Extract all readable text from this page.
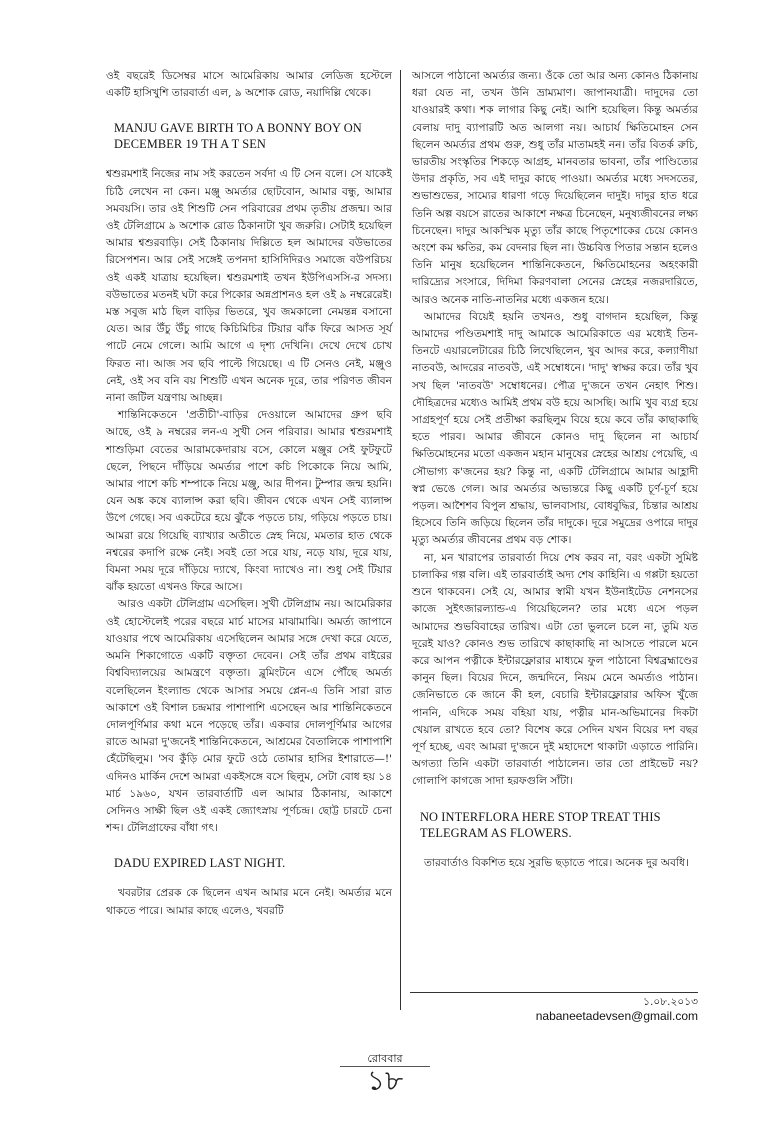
ওই বছরেই ডিসেম্বর মাসে আমেরিকায় আমার লেডিজ হস্টেলে একটি হাসিখুশি তারবার্তা এল, ৯ অশোক রোড, নয়াদিল্লি থেকে।

MANJU GAVE BIRTH TO A BONNY BOY ON DECEMBER 19 TH A T SEN

শ্বশুরমশাই নিজের নাম সই করতেন সর্বদা এ টি সেন বলে। সে যাকেই চিঠি লেখেন না কেন। মঞ্জু অমর্ত্যর ছোটবোন, আমার বন্ধু, আমার সমবয়সি। তার ওই শিশুটি সেন পরিবারের প্রথম তৃতীয় প্রজন্ম। আর ওই টেলিগ্রামে ৯ অশোক রোড ঠিকানাটা খুব জরুরি। সেটাই হয়েছিল আমার শ্বশুরবাড়ি। সেই ঠিকানায় দিল্লিতে হল আমাদের বউভাতের রিসেপশন। আর সেই সঙ্গেই তপনদা হাসিদিদিরও সমাজে বউপরিচয় ওই একই যাত্রায় হয়েছিল। শ্বশুরমশাই তখন ইউপিএসসি-র সদস্য। বউভাতের মতনই ঘটা করে পিকোর অন্নপ্রাশনও হল ওই ৯ নম্বরেরেই। মস্ত সবুজ মাঠ ছিল বাড়ির ভিতরে, খুব জমকালো নেমন্তন্ন বসানো যেত। আর উঁচু উঁচু গাছে কিচিমিচির টিয়ার ঝাঁক ফিরে আসত সূর্য পাটে নেমে গেলে। আমি আগে এ দৃশ্য দেখিনি। দেখে দেখে চোখ ফিরত না। আজ সব ছবি পাল্টে গিয়েছে। এ টি সেনও নেই, মঞ্জুও নেই, ওই সব বনি বয় শিশুটি এখন অনেক দূরে, তার পরিণত জীবন নানা জটিল যন্ত্রণায় আচ্ছন্ন।

শান্তিনিকেতনে 'প্রতীচী'-বাড়ির দেওয়ালে আমাদের গ্রুপ ছবি আছে, ওই ৯ নম্বরের লন-এ সুখী সেন পরিবার। আমার শ্বশুরমশাই শাশুড়িমা বেতের আরামকেদারায় বসে, কোলে মঞ্জুর সেই ফুটফুটে ছেলে, পিছনে দাঁড়িয়ে অমর্ত্যর পাশে কচি পিকোকে নিয়ে আমি, আমার পাশে কচি শম্পাকে নিয়ে মঞ্জু, আর দীপন। টুম্পার জন্ম হয়নি। যেন অঙ্ক কষে ব্যালান্স করা ছবি। জীবন থেকে এখন সেই ব্যালান্স উপে গেছে। সব একটেরে হয়ে ঝুঁকে পড়তে চায়, গড়িয়ে পড়তে চায়। আমরা রয়ে গিয়েছি ব্যাখ্যার অতীতে স্নেহ নিয়ে, মমতার হাত থেকে নশ্বরের কদাপি রক্ষে নেই। সবই তো সরে যায়, নড়ে যায়, দূরে যায়, বিমনা সময় দূরে দাঁড়িয়ে দ্যাখে, কিংবা দ্যাখেও না। শুধু সেই টিয়ার ঝাঁক হয়তো এখনও ফিরে আসে।

আরও একটা টেলিগ্রাম এসেছিল। সুখী টেলিগ্রাম নয়। আমেরিকার ওই হোস্টেলেই পরের বছরে মার্চ মাসের মাঝামাঝি। অমর্ত্য জাপানে যাওয়ার পথে আমেরিকায় এসেছিলেন আমার সঙ্গে দেখা করে যেতে, অমনি শিকাগোতে একটি বক্তৃতা দেবেন। সেই তাঁর প্রথম বাইরের বিশ্ববিদ্যালয়ের আমন্ত্রণে বক্তৃতা। ব্লুমিংটনে এসে পৌঁছে অমর্ত্য বলেছিলেন ইংল্যান্ড থেকে আসার সময়ে প্লেন-এ তিনি সারা রাত আকাশে ওই বিশাল চন্দ্রমার পাশাপাশি এসেছেন আর শান্তিনিকেতনে দোলপূর্ণিমার কথা মনে পড়েছে তাঁর। একবার দোলপূর্ণিমার আগের রাতে আমরা দু'জনেই শান্তিনিকেতনে, আশ্রমের বৈতালিকে পাশাপাশি হেঁটেছিলুম। 'সব কুঁড়ি মোর ফুটে ওঠে তোমার হাসির ইশারাতে—!' এদিনও মার্কিন দেশে আমরা একইসঙ্গে বসে ছিলুম, সেটা বোধ হয় ১৪ মার্চ ১৯৬০, যখন তারবার্তাটি এল আমার ঠিকানায়, আকাশে সেদিনও সাক্ষী ছিল ওই একই জ্যোৎস্নায় পূর্ণচন্দ্র। ছোট্ট চারটে চেনা শব্দ। টেলিগ্রাফের বাঁধা গৎ।

DADU EXPIRED LAST NIGHT.

খবরটার প্রেরক কে ছিলেন এখন আমার মনে নেই। অমর্ত্যর মনে থাকতে পারে। আমার কাছে এলেও, খবরটি

আসলে পাঠানো অমর্ত্যর জন্য। ওঁকে তো আর অন্য কোনও ঠিকানায় ধরা যেত না, তখন উনি ভ্রাম্যমাণ। জাপানযাত্রী। দাদুদের তো যাওয়ারই কথা। শক লাগার কিছু নেই। আশি হয়েছিল। কিন্তু অমর্ত্যর বেলায় দাদু ব্যাপারটি অত আলগা নয়। আচার্য ক্ষিতিমোহন সেন ছিলেন অমর্ত্যর প্রথম গুরু, শুধু তাঁর মাতামহই নন। তাঁর বিতর্ক রুচি, ভারতীয় সংস্কৃতির শিকড়ে আগ্রহ, মানবতার ভাবনা, তাঁর পাণ্ডিত্যের উদার প্রকৃতি, সব এই দাদুর কাছে পাওয়া। অমর্ত্যর মধ্যে সদসতের, শুভাশুভের, সাম্যের ধারণা গড়ে দিয়েছিলেন দাদুই। দাদুর হাত ধরে তিনি অল্প বয়সে রাতের আকাশে নক্ষত্র চিনেছেন, মনুষ্যজীবনের লক্ষ্য চিনেছেন। দাদুর আকস্মিক মৃত্যু তাঁর কাছে পিতৃশোকের চেয়ে কোনও অংশে কম ক্ষতির, কম বেদনার ছিল না। উচ্চবিত্ত পিতার সন্তান হলেও তিনি মানুষ হয়েছিলেন শান্তিনিকেতনে, ক্ষিতিমোহনের অহংকারী দারিদ্র্যের সংসারে, দিদিমা কিরণবালা সেনের স্নেহের নজরদারিতে, আরও অনেক নাতি-নাতনির মধ্যে একজন হয়ে।

আমাদের বিয়েই হয়নি তখনও, শুধু বাগদান হয়েছিল, কিন্তু আমাদের পণ্ডিতমশাই দাদু আমাকে আমেরিকাতে এর মধ্যেই তিন-তিনটে এয়ারলেটারের চিঠি লিখেছিলেন, খুব আদর করে, কল্যাণীয়া নাতবউ, আদরের নাতবউ, এই সম্বোধনে। 'দাদু' স্বাক্ষর করে। তাঁর খুব সখ ছিল 'নাতবউ' সম্বোধনের। পৌত্র দু'জনে তখন নেহাৎ শিশু। দৌহিত্রদের মধ্যেও আমিই প্রথম বউ হয়ে আসছি। আমি খুব ব্যগ্র হয়ে সাগ্রহপূর্ণ হয়ে সেই প্রতীক্ষা করছিলুম বিয়ে হয়ে কবে তাঁর কাছাকাছি হতে পারব। আমার জীবনে কোনও দাদু ছিলেন না আচার্য ক্ষিতিমোহনের মতো একজন মহান মানুষের স্নেহের আশ্রয় পেয়েছি, এ সৌভাগ্য ক'জনের হয়? কিন্তু না, একটি টেলিগ্রামে আমার আহ্লাদী স্বপ্ন ভেঙে গেল। আর অমর্ত্যর অভ্যন্তরে কিছু একটি চূর্ণ-চূর্ণ হয়ে পড়ল। আশৈশব বিপুল শ্রদ্ধায়, ভালবাসায়, বোধবুদ্ধির, চিন্তার আশ্রয় হিসেবে তিনি জড়িয়ে ছিলেন তাঁর দাদুকে। দূরে সমুদ্রের ওপারে দাদুর মৃত্যু অমর্ত্যর জীবনের প্রথম বড় শোক।

না, মন খারাপের তারবার্তা দিয়ে শেষ করব না, বরং একটা সুমিষ্ট চালাকির গল্প বলি। এই তারবার্তাই অদ্য শেষ কাহিনি। এ গপ্পটা হয়তো শুনে থাকবেন। সেই যে, আমার স্বামী যখন ইউনাইটেড নেশনসের কাজে সুইৎজারল্যান্ড-এ গিয়েছিলেন? তার মধ্যে এসে পড়ল আমাদের শুভবিবাহের তারিখ। এটা তো ভুললে চলে না, তুমি যত দূরেই যাও? কোনও শুভ তারিখে কাছাকাছি না আসতে পারলে মনে করে আপন পত্নীকে ইন্টারফ্লোরার মাধ্যমে ফুল পাঠানো বিশ্বব্রহ্মাণ্ডের কানুন ছিল। বিয়ের দিনে, জন্মদিনে, নিয়ম মেনে অমর্ত্যও পাঠান। জেনিভাতে কে জানে কী হল, বেচারি ইন্টারফ্লোরার অফিস খুঁজে পাননি, এদিকে সময় বহিয়া যায়, পত্নীর মান-অভিমানের দিকটা খেয়াল রাখতে হবে তো? বিশেষ করে সেদিন যখন বিয়ের দশ বছর পূর্ণ হচ্ছে, এবং আমরা দু'জনে দুই মহাদেশে থাকাটা এড়াতে পারিনি। অগত্যা তিনি একটা তারবার্তা পাঠালেন। তার তো প্রাইভেট নয়? গোলাপি কাগজে সাদা হরফগুলি সাঁটা।

NO INTERFLORA HERE STOP TREAT THIS TELEGRAM AS FLOWERS.

তারবার্তাও বিকশিত হয়ে সুরভি ছড়াতে পারে। অনেক দুর অবধি।

১.০৮.২০১৩
nabaneetadevsen@gmail.com
রোববার
১৮
